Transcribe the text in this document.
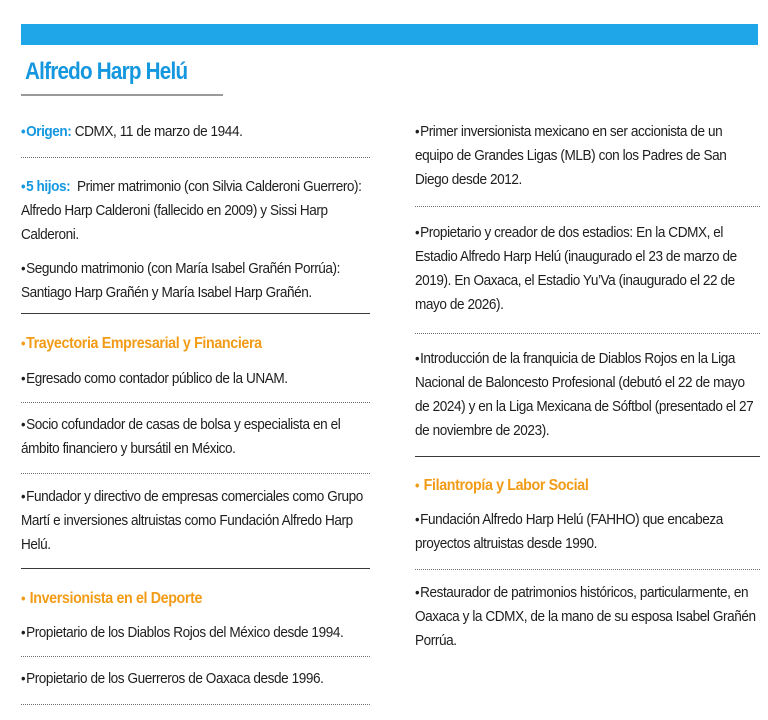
Alfredo Harp Helú
•Origen: CDMX, 11 de marzo de 1944.
•5 hijos: Primer matrimonio (con Silvia Calderoni Guerrero): Alfredo Harp Calderoni (fallecido en 2009) y Sissi Harp Calderoni.
•Segundo matrimonio (con María Isabel Grañén Porrúa): Santiago Harp Grañén y María Isabel Harp Grañén.
•Trayectoria Empresarial y Financiera
•Egresado como contador público de la UNAM.
•Socio cofundador de casas de bolsa y especialista en el ámbito financiero y bursátil en México.
•Fundador y directivo de empresas comerciales como Grupo Martí e inversiones altruistas como Fundación Alfredo Harp Helú.
• Inversionista en el Deporte
•Propietario de los Diablos Rojos del México desde 1994.
•Propietario de los Guerreros de Oaxaca desde 1996.
•Primer inversionista mexicano en ser accionista de un equipo de Grandes Ligas (MLB) con los Padres de San Diego desde 2012.
•Propietario y creador de dos estadios: En la CDMX, el Estadio Alfredo Harp Helú (inaugurado el 23 de marzo de 2019). En Oaxaca, el Estadio Yu’Va (inaugurado el 22 de mayo de 2026).
•Introducción de la franquicia de Diablos Rojos en la Liga Nacional de Baloncesto Profesional (debutó el 22 de mayo de 2024) y en la Liga Mexicana de Sóftbol (presentado el 27 de noviembre de 2023).
• Filantropía y Labor Social
•Fundación Alfredo Harp Helú (FAHHO) que encabeza proyectos altruistas desde 1990.
•Restaurador de patrimonios históricos, particularmente, en Oaxaca y la CDMX, de la mano de su esposa Isabel Grañén Porrúa.
